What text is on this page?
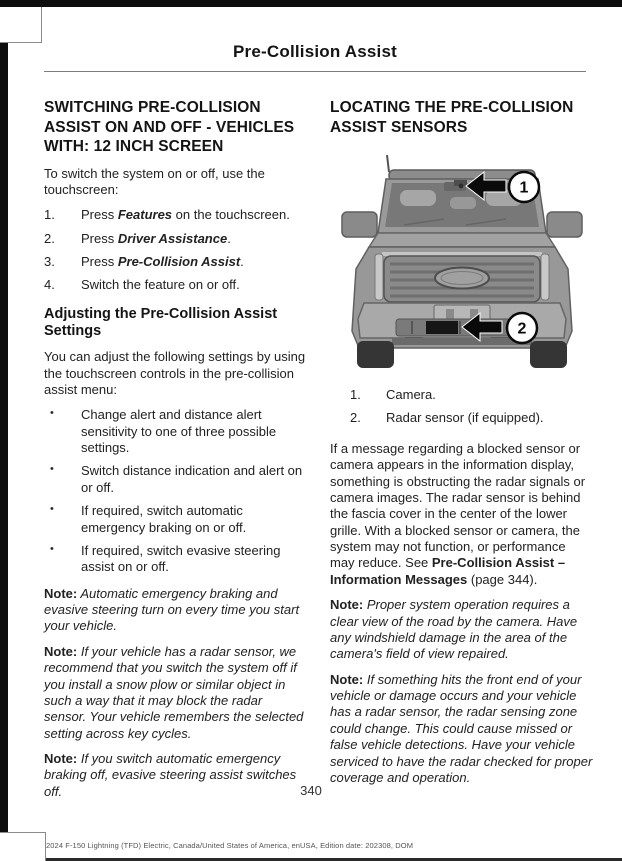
Pre-Collision Assist
SWITCHING PRE-COLLISION ASSIST ON AND OFF - VEHICLES WITH: 12 INCH SCREEN

To switch the system on or off, use the touchscreen:

1.	Press Features on the touchscreen.
2.	Press Driver Assistance.
3.	Press Pre-Collision Assist.
4.	Switch the feature on or off.
Adjusting the Pre-Collision Assist Settings

You can adjust the following settings by using the touchscreen controls in the pre-collision assist menu:

•	Change alert and distance alert sensitivity to one of three possible settings.
•	Switch distance indication and alert on or off.
•	If required, switch automatic emergency braking on or off.
•	If required, switch evasive steering assist on or off.

Note: Automatic emergency braking and evasive steering turn on every time you start your vehicle.

Note: If your vehicle has a radar sensor, we recommend that you switch the system off if you install a snow plow or similar object in such a way that it may block the radar sensor. Your vehicle remembers the selected setting across key cycles.

Note: If you switch automatic emergency braking off, evasive steering assist switches off.

LOCATING THE PRE-COLLISION ASSIST SENSORS
1
2
1.	Camera.
2.	Radar sensor (if equipped).

If a message regarding a blocked sensor or camera appears in the information display, something is obstructing the radar signals or camera images. The radar sensor is behind the fascia cover in the center of the lower grille. With a blocked sensor or camera, the system may not function, or performance may reduce. See Pre-Collision Assist – Information Messages (page 344).

Note: Proper system operation requires a clear view of the road by the camera. Have any windshield damage in the area of the camera's field of view repaired.

Note: If something hits the front end of your vehicle or damage occurs and your vehicle has a radar sensor, the radar sensing zone could change. This could cause missed or false vehicle detections. Have your vehicle serviced to have the radar checked for proper coverage and operation.

340
2024 F-150 Lightning (TFD) Electric, Canada/United States of America, enUSA, Edition date: 202308, DOM
